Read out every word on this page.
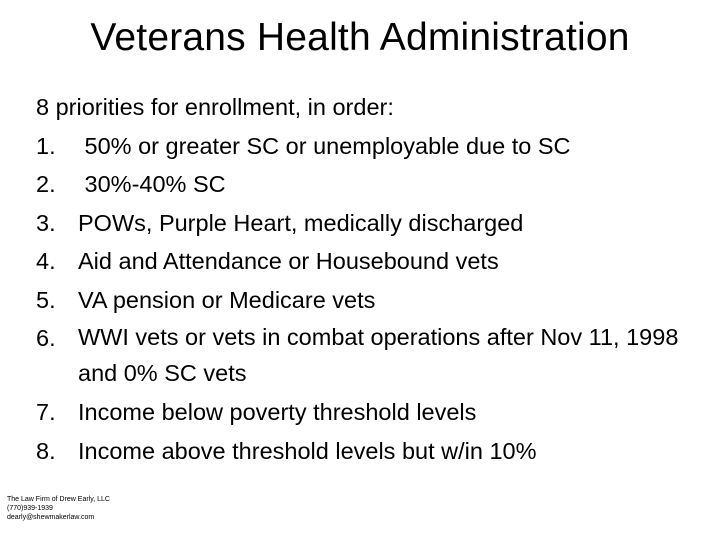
Veterans Health Administration
8 priorities for enrollment, in order:
1. 50% or greater SC or unemployable due to SC
2. 30%-40% SC
3. POWs, Purple Heart, medically discharged
4. Aid and Attendance or Housebound vets
5. VA pension or Medicare vets
6. WWI vets or vets in combat operations after Nov 11, 1998 and 0% SC vets
7. Income below poverty threshold levels
8. Income above threshold levels but w/in 10%
The Law Firm of Drew Early, LLC
(770)939-1939
dearly@shewmakerlaw.com
